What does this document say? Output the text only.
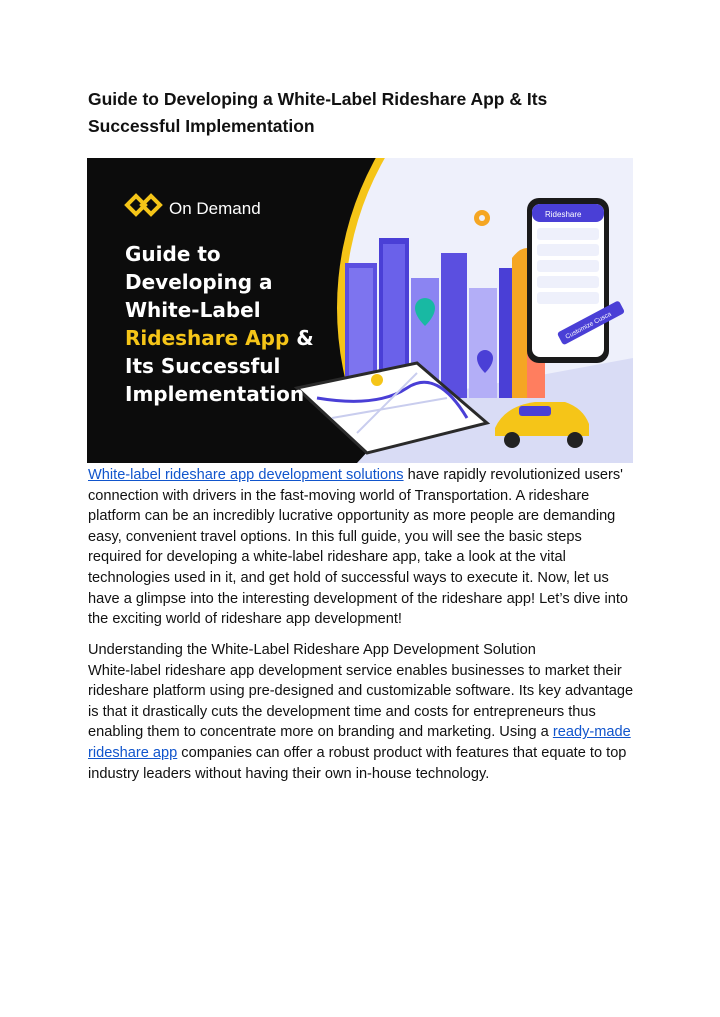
Guide to Developing a White-Label Rideshare App & Its Successful Implementation
Rideshare
Customize Cusca
On Demand
Guide to
Developing a
White-Label
Rideshare App &
Its Successful
Implementation

White-label rideshare app development solutions have rapidly revolutionized users' connection with drivers in the fast-moving world of Transportation. A rideshare platform can be an incredibly lucrative opportunity as more people are demanding easy, convenient travel options. In this full guide, you will see the basic steps required for developing a white-label rideshare app, take a look at the vital technologies used in it, and get hold of successful ways to execute it. Now, let us have a glimpse into the interesting development of the rideshare app! Let’s dive into the exciting world of rideshare app development!

Understanding the White-Label Rideshare App Development Solution
White-label rideshare app development service enables businesses to market their rideshare platform using pre-designed and customizable software. Its key advantage is that it drastically cuts the development time and costs for entrepreneurs thus enabling them to concentrate more on branding and marketing. Using a ready-made rideshare app companies can offer a robust product with features that equate to top industry leaders without having their own in-house technology.
